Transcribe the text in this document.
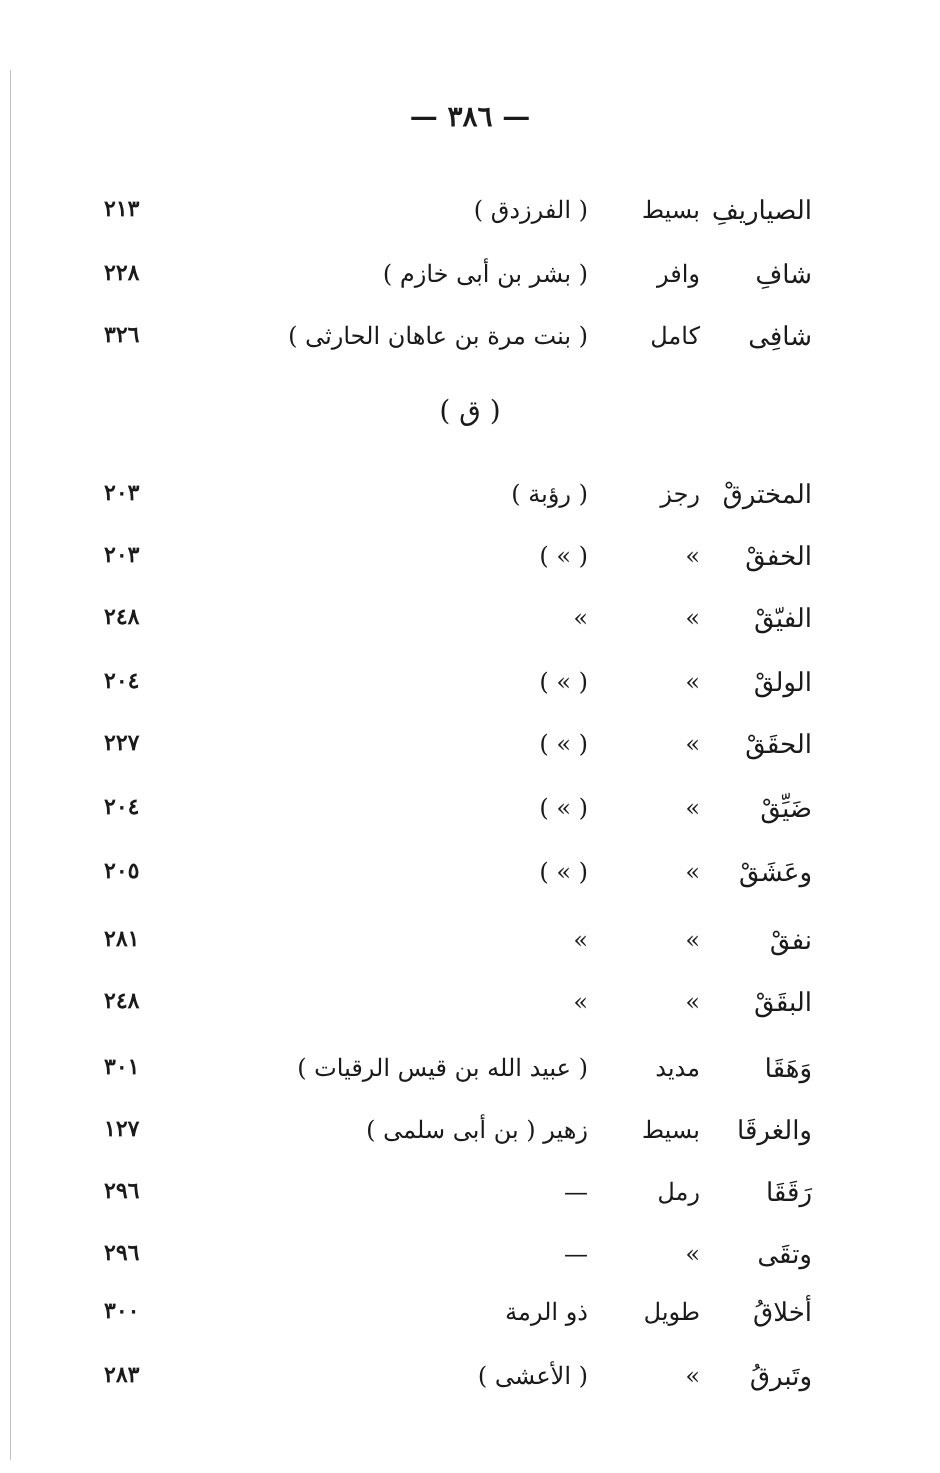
— ٣٨٦ —
الصياريفِ
بسيط
( الفرزدق )
٢١٣
شافِ
وافر
( بشر بن أبى خازم )
٢٢٨
شافِى
كامل
( بنت مرة بن عاهان الحارثى )
٣٢٦
( ق )
المخترقْ
رجز
( رؤبة )
٢٠٣
الخفقْ
»
( » )
٢٠٣
الفيّقْ
»
»
٢٤٨
الولقْ
»
( » )
٢٠٤
الحقَقْ
»
( » )
٢٢٧
ضَيِّقْ
»
( » )
٢٠٤
وعَشَقْ
»
( » )
٢٠٥
نفقْ
»
»
٢٨١
البقَقْ
»
»
٢٤٨
وَهَقَا
مديد
( عبيد الله بن قيس الرقيات )
٣٠١
والغرقَا
بسيط
زهير ( بن أبى سلمى )
١٢٧
رَقَقَا
رمل
—
٢٩٦
وتقَى
»
—
٢٩٦
أخلاقُ
طويل
ذو الرمة
٣٠٠
وتَبرقُ
»
( الأعشى )
٢٨٣
